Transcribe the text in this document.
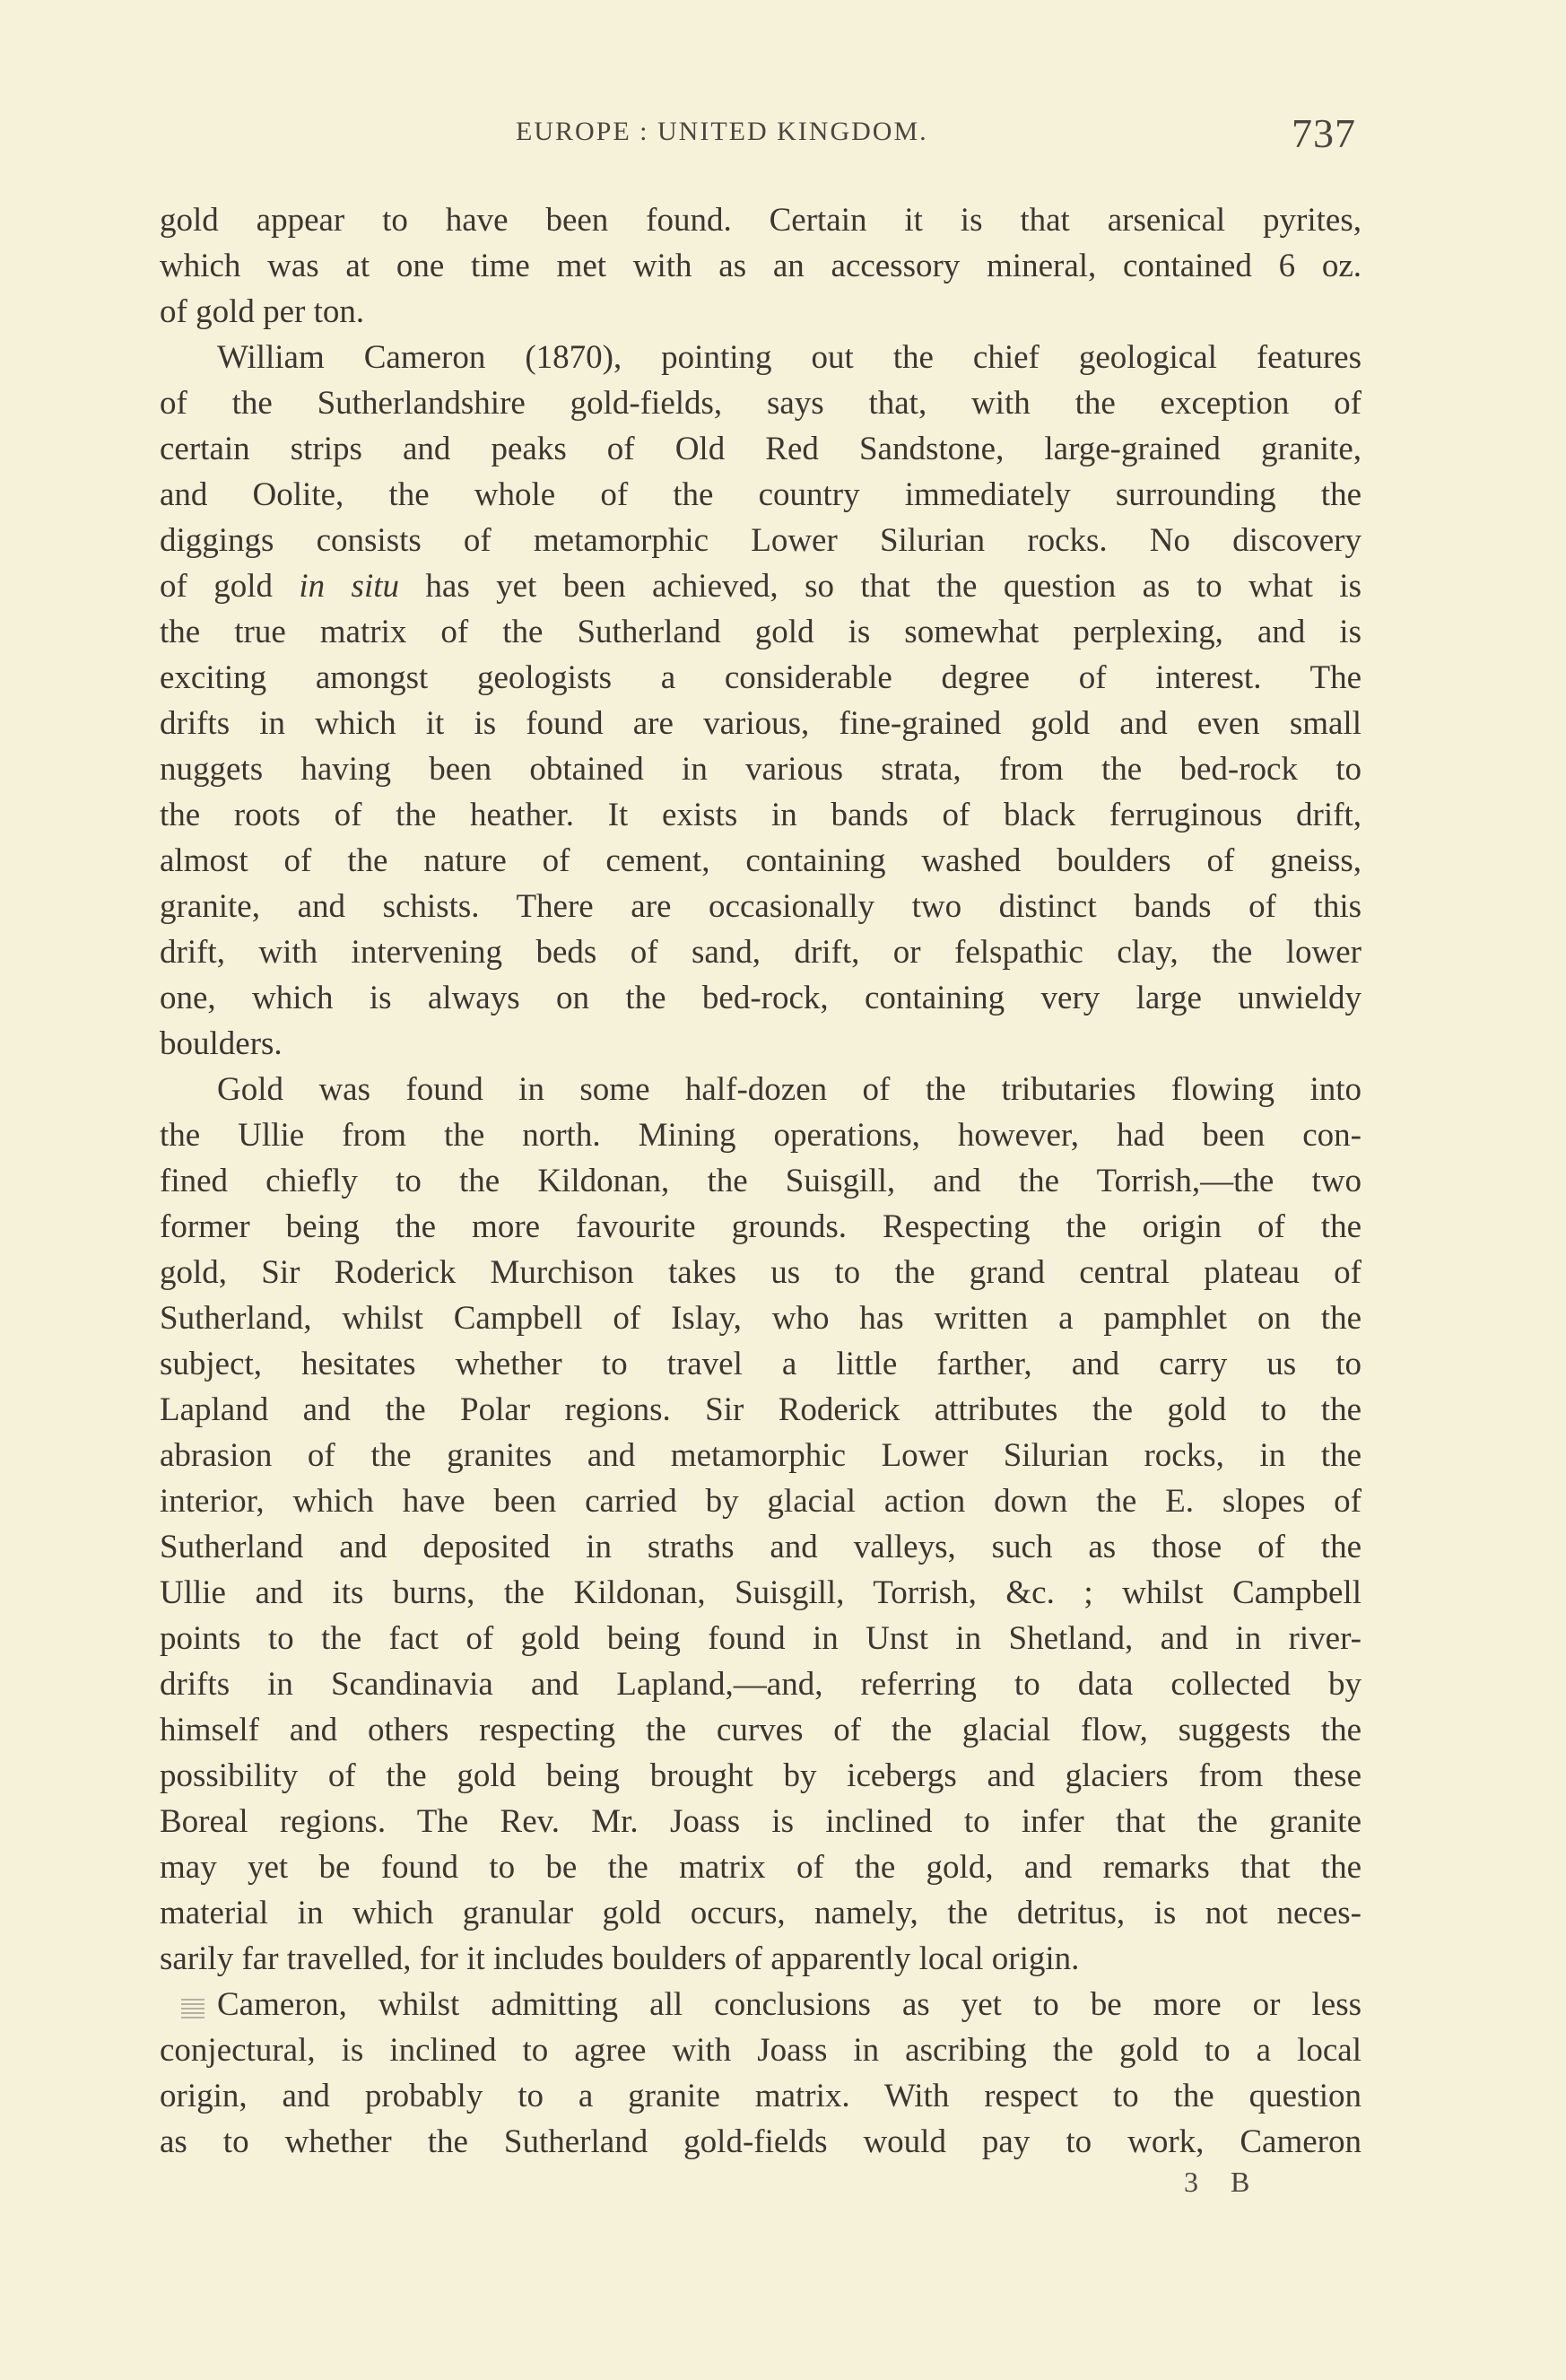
EUROPE : UNITED KINGDOM.	737
gold appear to have been found. Certain it is that arsenical pyrites,
which was at one time met with as an accessory mineral, contained 6 oz.
of gold per ton.
William Cameron (1870), pointing out the chief geological features
of the Sutherlandshire gold-fields, says that, with the exception of
certain strips and peaks of Old Red Sandstone, large-grained granite,
and Oolite, the whole of the country immediately surrounding the
diggings consists of metamorphic Lower Silurian rocks. No discovery
of gold in situ has yet been achieved, so that the question as to what is
the true matrix of the Sutherland gold is somewhat perplexing, and is
exciting amongst geologists a considerable degree of interest. The
drifts in which it is found are various, fine-grained gold and even small
nuggets having been obtained in various strata, from the bed-rock to
the roots of the heather. It exists in bands of black ferruginous drift,
almost of the nature of cement, containing washed boulders of gneiss,
granite, and schists. There are occasionally two distinct bands of this
drift, with intervening beds of sand, drift, or felspathic clay, the lower
one, which is always on the bed-rock, containing very large unwieldy
boulders.
Gold was found in some half-dozen of the tributaries flowing into
the Ullie from the north. Mining operations, however, had been con-
fined chiefly to the Kildonan, the Suisgill, and the Torrish,—the two
former being the more favourite grounds. Respecting the origin of the
gold, Sir Roderick Murchison takes us to the grand central plateau of
Sutherland, whilst Campbell of Islay, who has written a pamphlet on the
subject, hesitates whether to travel a little farther, and carry us to
Lapland and the Polar regions. Sir Roderick attributes the gold to the
abrasion of the granites and metamorphic Lower Silurian rocks, in the
interior, which have been carried by glacial action down the E. slopes of
Sutherland and deposited in straths and valleys, such as those of the
Ullie and its burns, the Kildonan, Suisgill, Torrish, &c. ; whilst Campbell
points to the fact of gold being found in Unst in Shetland, and in river-
drifts in Scandinavia and Lapland,—and, referring to data collected by
himself and others respecting the curves of the glacial flow, suggests the
possibility of the gold being brought by icebergs and glaciers from these
Boreal regions. The Rev. Mr. Joass is inclined to infer that the granite
may yet be found to be the matrix of the gold, and remarks that the
material in which granular gold occurs, namely, the detritus, is not neces-
sarily far travelled, for it includes boulders of apparently local origin.
Cameron, whilst admitting all conclusions as yet to be more or less
conjectural, is inclined to agree with Joass in ascribing the gold to a local
origin, and probably to a granite matrix. With respect to the question
as to whether the Sutherland gold-fields would pay to work, Cameron
3 B
